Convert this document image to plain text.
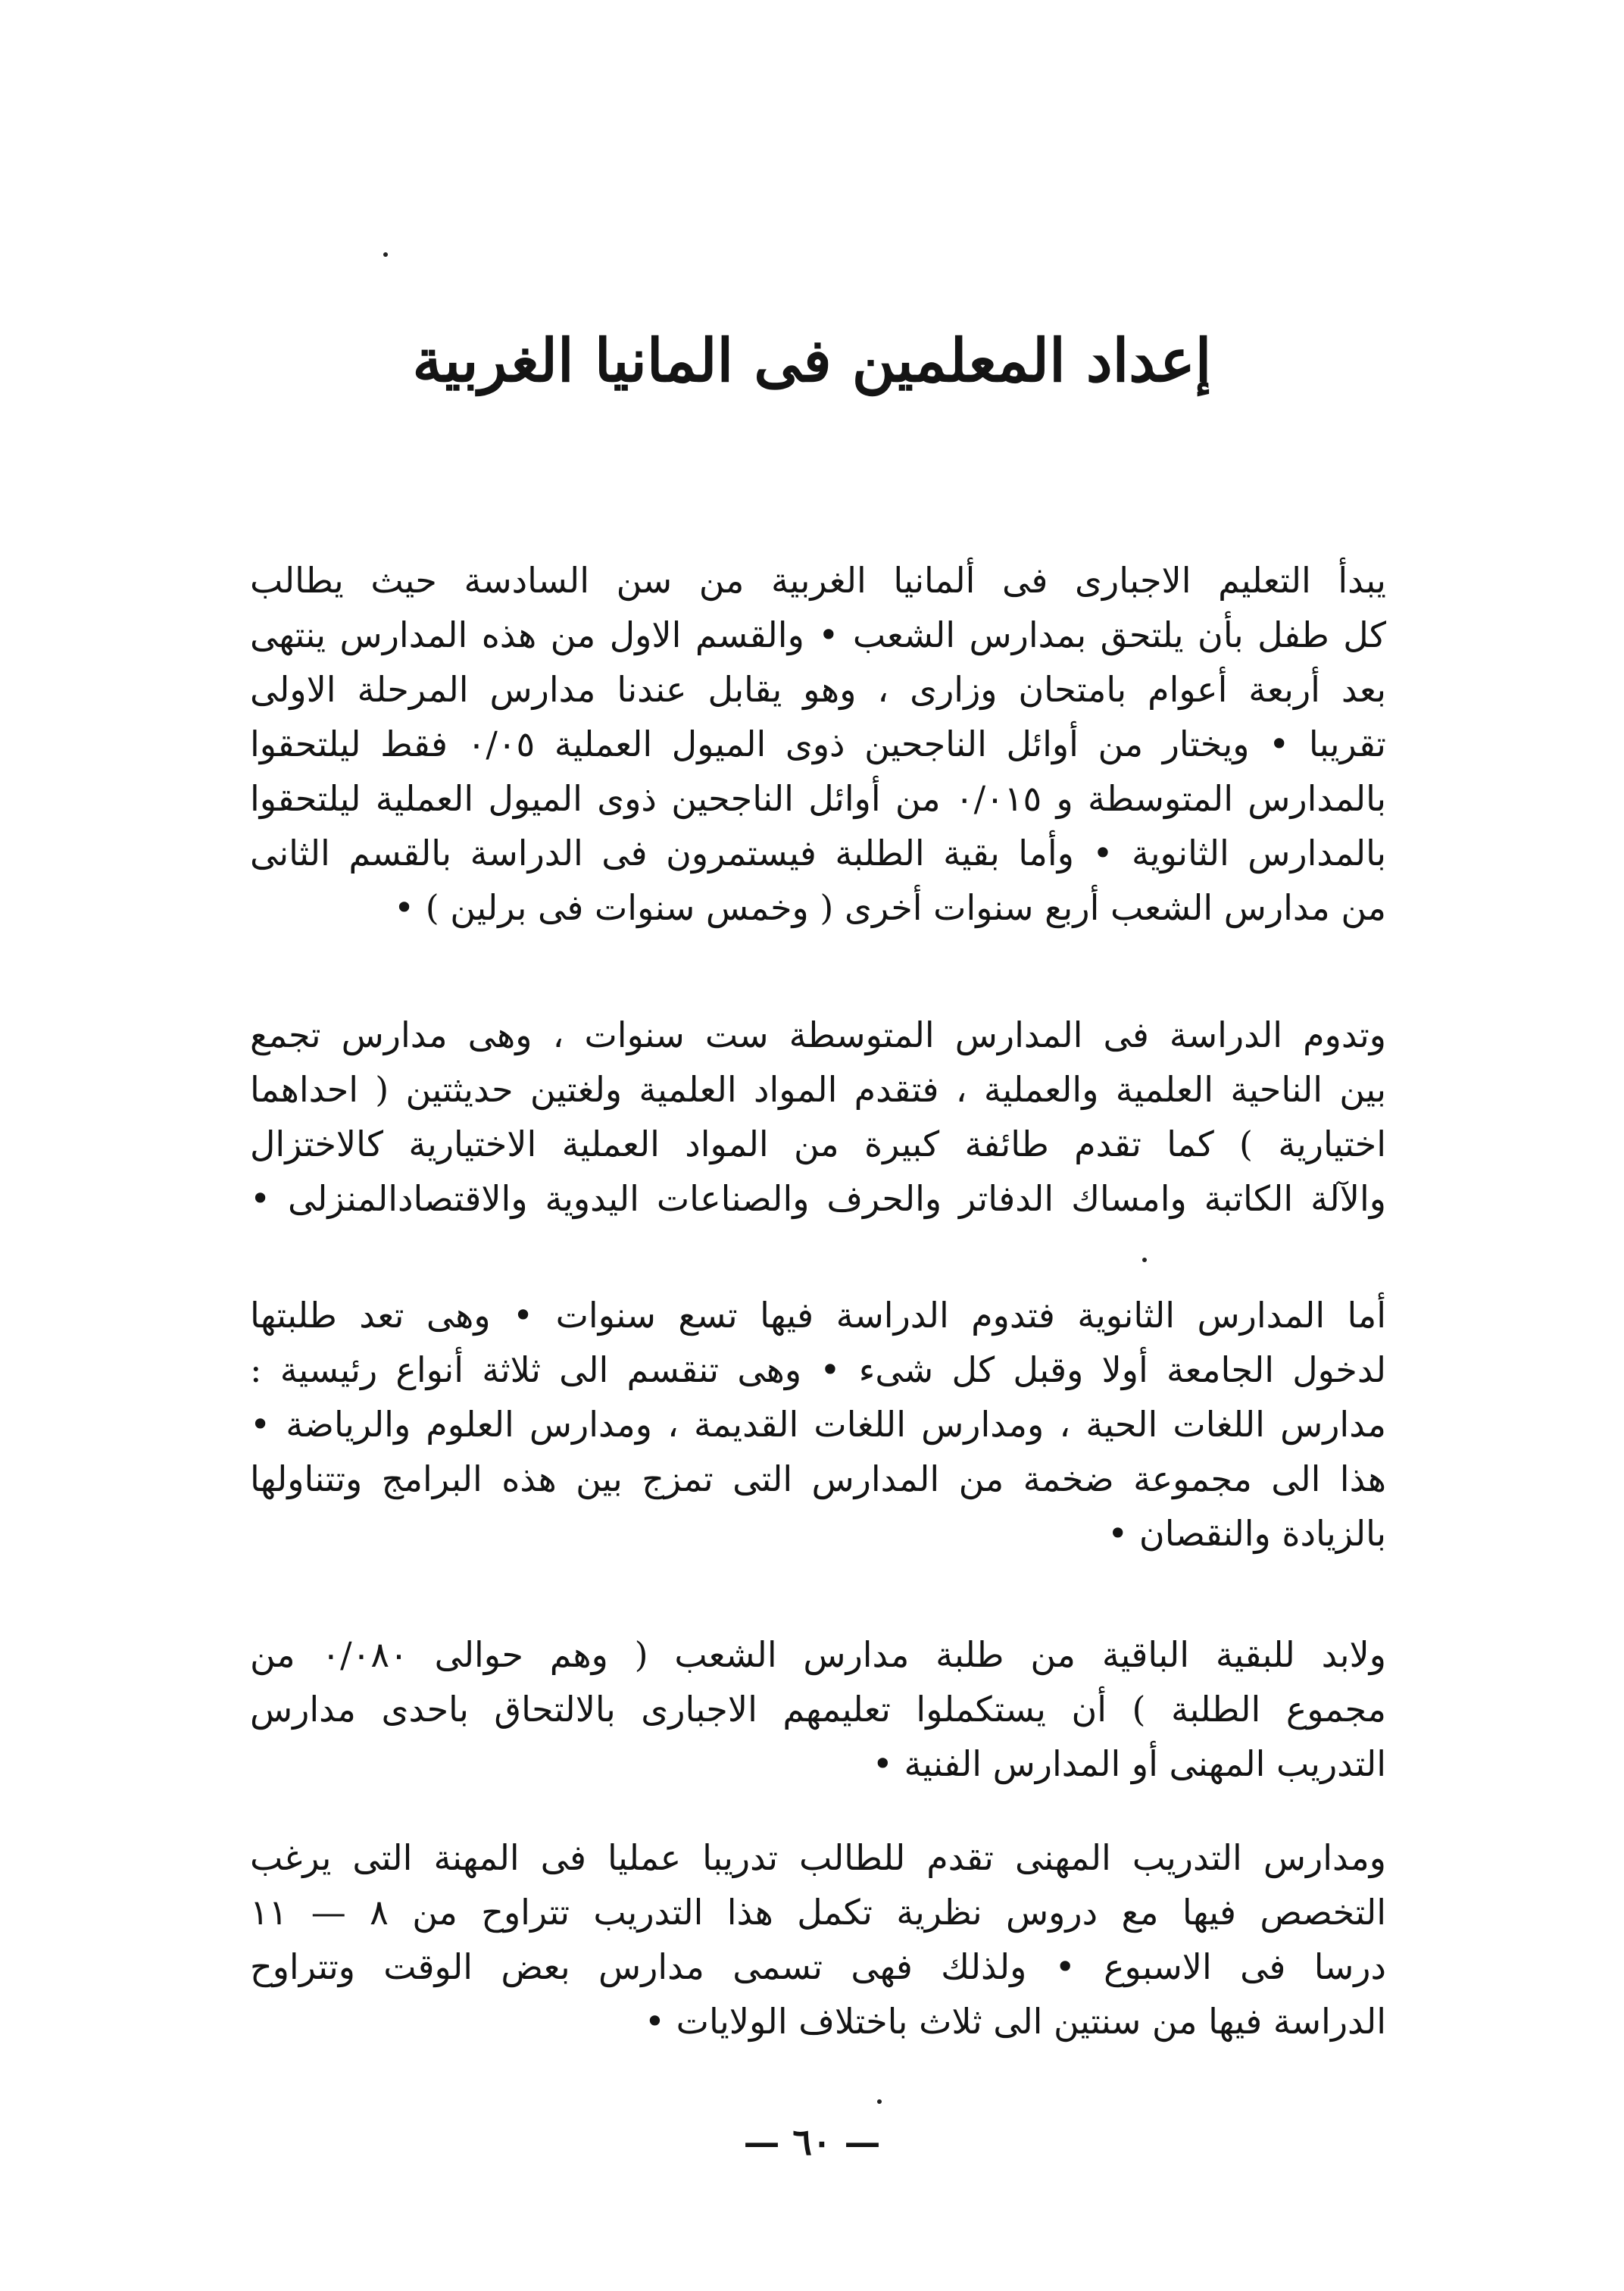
إعداد المعلمين فى المانيا الغربية

يبدأ التعليم الاجبارى فى ألمانيا الغربية من سن السادسة حيث يطالب
كل طفل بأن يلتحق بمدارس الشعب • والقسم الاول من هذه المدارس ينتهى
بعد أربعة أعوام بامتحان وزارى ، وهو يقابل عندنا مدارس المرحلة الاولى
تقريبا • ويختار من أوائل الناجحين ذوى الميول العملية ٠/٠٥ فقط ليلتحقوا
بالمدارس المتوسطة و ٠/٠١٥ من أوائل الناجحين ذوى الميول العملية ليلتحقوا
بالمدارس الثانوية • وأما بقية الطلبة فيستمرون فى الدراسة بالقسم الثانى
من مدارس الشعب أربع سنوات أخرى ( وخمس سنوات فى برلين ) •

وتدوم الدراسة فى المدارس المتوسطة ست سنوات ، وهى مدارس تجمع
بين الناحية العلمية والعملية ، فتقدم المواد العلمية ولغتين حديثتين ( احداهما
اختيارية ) كما تقدم طائفة كبيرة من المواد العملية الاختيارية كالاختزال
والآلة الكاتبة وامساك الدفاتر والحرف والصناعات اليدوية والاقتصادالمنزلى •

أما المدارس الثانوية فتدوم الدراسة فيها تسع سنوات • وهى تعد طلبتها
لدخول الجامعة أولا وقبل كل شىء • وهى تنقسم الى ثلاثة أنواع رئيسية :
مدارس اللغات الحية ، ومدارس اللغات القديمة ، ومدارس العلوم والرياضة •
هذا الى مجموعة ضخمة من المدارس التى تمزج بين هذه البرامج وتتناولها
بالزيادة والنقصان •

ولابد للبقية الباقية من طلبة مدارس الشعب ( وهم حوالى ٠/٠٨٠ من
مجموع الطلبة ) أن يستكملوا تعليمهم الاجبارى بالالتحاق باحدى مدارس
التدريب المهنى أو المدارس الفنية •

ومدارس التدريب المهنى تقدم للطالب تدريبا عمليا فى المهنة التى يرغب
التخصص فيها مع دروس نظرية تكمل هذا التدريب تتراوح من ٨ — ١١
درسا فى الاسبوع • ولذلك فهى تسمى مدارس بعض الوقت وتتراوح
الدراسة فيها من سنتين الى ثلاث باختلاف الولايات •

— ٦٠ —
